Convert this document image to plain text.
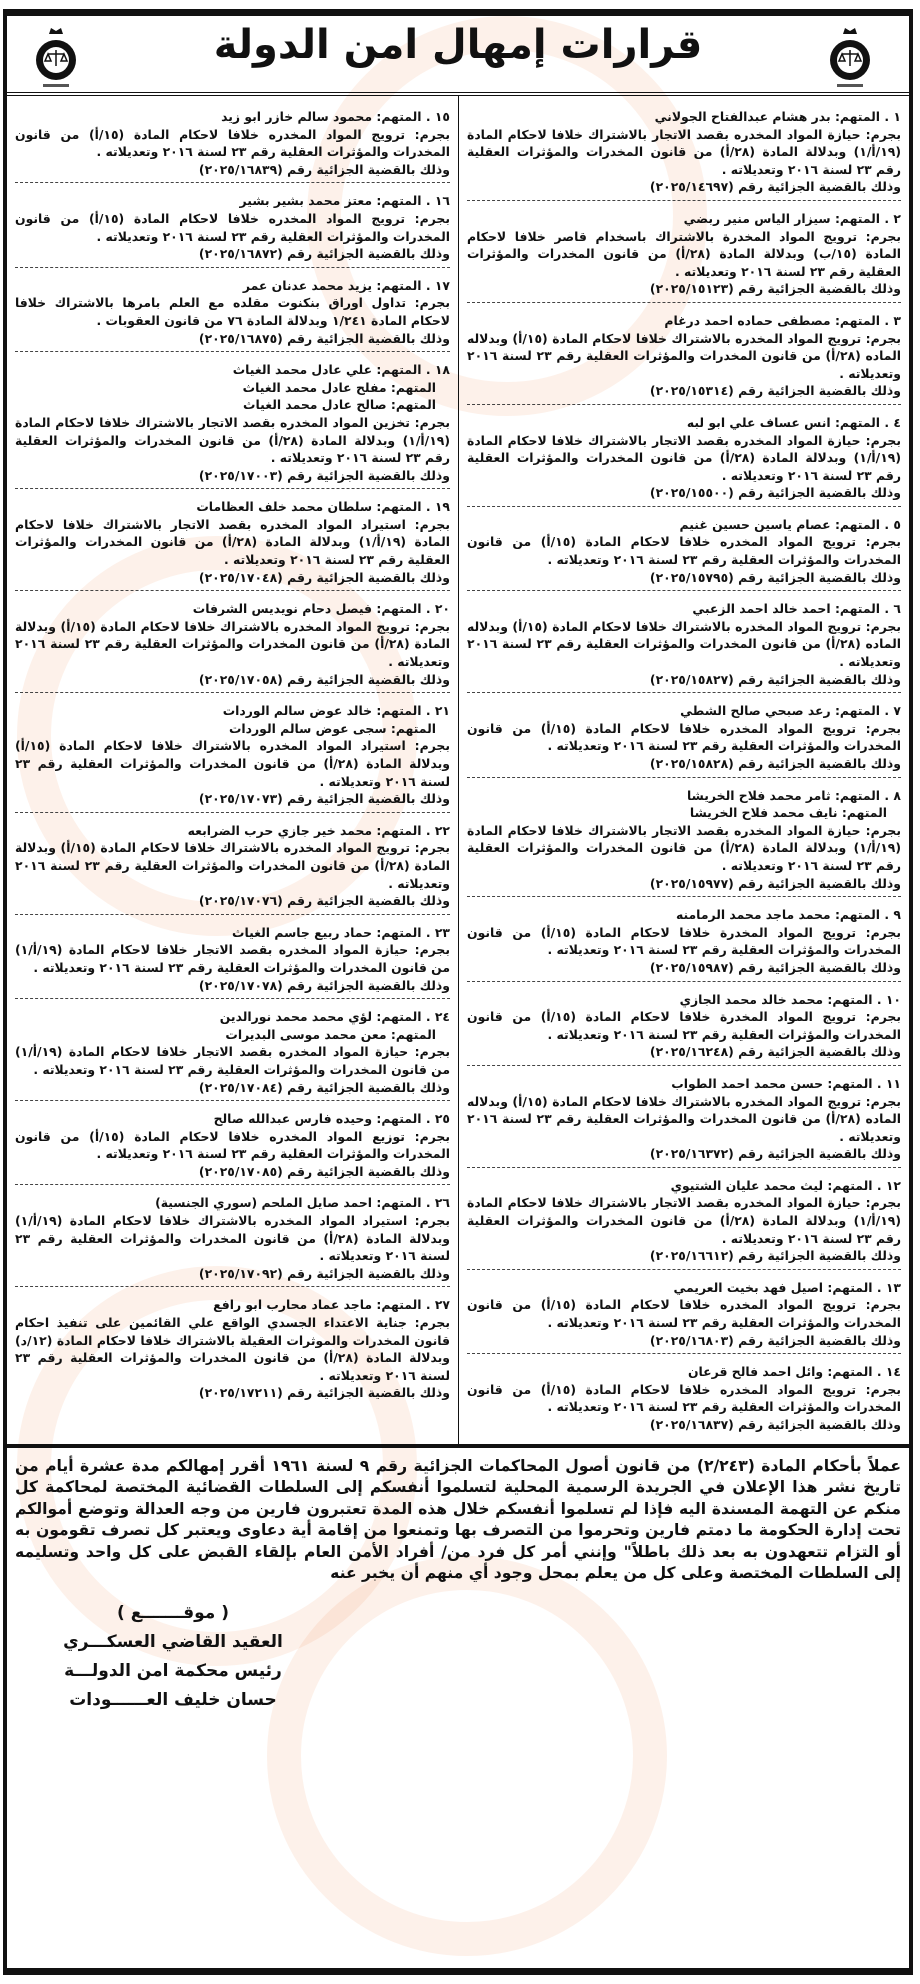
قرارات إمهال امن الدولة
١ . المتهم: بدر هشام عبدالفتاح الجولاني
بجرم: حيازة المواد المخدره بقصد الاتجار بالاشتراك خلافا لاحكام المادة (١٩/أ/١) وبدلالة المادة (٢٨/أ) من قانون المخدرات والمؤثرات العقلية رقم ٢٣ لسنة ٢٠١٦ وتعديلاته .
وذلك بالقضية الجزائية رقم (٢٠٢٥/١٤٦٩٧)
٢ . المتهم: سيزار الياس منير ربضي
بجرم: ترويج المواد المخدرة بالاشتراك باسخدام قاصر خلافا لاحكام المادة (١٥/ب) وبدلالة المادة (٢٨/أ) من قانون المخدرات والمؤثرات العقلية رقم ٢٣ لسنة ٢٠١٦ وتعديلاته .
وذلك بالقضية الجزائية رقم (٢٠٢٥/١٥١٢٣)
٣ . المتهم: مصطفى حماده احمد درغام
بجرم: ترويج المواد المخدره بالاشتراك خلافا لاحكام المادة (١٥/أ) وبدلاله الماده (٢٨/أ) من قانون المخدرات والمؤثرات العقلية رقم ٢٣ لسنة ٢٠١٦ وتعديلاته .
وذلك بالقضية الجزائية رقم (٢٠٢٥/١٥٣١٤)
٤ . المتهم: انس عساف علي ابو لبه
بجرم: حيازة المواد المخدره بقصد الاتجار بالاشتراك خلافا لاحكام المادة (١٩/أ/١) وبدلالة المادة (٢٨/أ) من قانون المخدرات والمؤثرات العقلية رقم ٢٣ لسنة ٢٠١٦ وتعديلاته .
وذلك بالقضية الجزائية رقم (٢٠٢٥/١٥٥٠٠)
٥ . المتهم: عصام ياسين حسين غنيم
بجرم: ترويج المواد المخدره خلافا لاحكام المادة (١٥/أ) من قانون المخدرات والمؤثرات العقلية رقم ٢٣ لسنة ٢٠١٦ وتعديلاته .
وذلك بالقضية الجزائية رقم (٢٠٢٥/١٥٧٩٥)
٦ . المتهم: احمد خالد احمد الزعبي
بجرم: ترويج المواد المخدره بالاشتراك خلافا لاحكام المادة (١٥/أ) وبدلاله الماده (٢٨/أ) من قانون المخدرات والمؤثرات العقلية رقم ٢٣ لسنة ٢٠١٦ وتعديلاته .
وذلك بالقضية الجزائية رقم (٢٠٢٥/١٥٨٢٧)
٧ . المتهم: رعد صبحي صالح الشطي
بجرم: ترويج المواد المخدره خلافا لاحكام المادة (١٥/أ) من قانون المخدرات والمؤثرات العقلية رقم ٢٣ لسنة ٢٠١٦ وتعديلاته .
وذلك بالقضية الجزائية رقم (٢٠٢٥/١٥٨٢٨)
٨ . المتهم: ثامر محمد فلاح الخريشا
المتهم: نايف محمد فلاح الخريشا
بجرم: حيازة المواد المخدره بقصد الاتجار بالاشتراك خلافا لاحكام المادة (١٩/أ/١) وبدلالة المادة (٢٨/أ) من قانون المخدرات والمؤثرات العقلية رقم ٢٣ لسنة ٢٠١٦ وتعديلاته .
وذلك بالقضية الجزائية رقم (٢٠٢٥/١٥٩٧٧)
٩ . المتهم: محمد ماجد محمد الرمامنه
بجرم: ترويج المواد المخدرة خلافا لاحكام المادة (١٥/أ) من قانون المخدرات والمؤثرات العقلية رقم ٢٣ لسنة ٢٠١٦ وتعديلاته .
وذلك بالقضية الجزائية رقم (٢٠٢٥/١٥٩٨٧)
١٠ . المتهم: محمد خالد محمد الجازي
بجرم: ترويج المواد المخدرة خلافا لاحكام المادة (١٥/أ) من قانون المخدرات والمؤثرات العقلية رقم ٢٣ لسنة ٢٠١٦ وتعديلاته .
وذلك بالقضية الجزائية رقم (٢٠٢٥/١٦٢٤٨)
١١ . المتهم: حسن محمد احمد الطواب
بجرم: ترويج المواد المخدره بالاشتراك خلافا لاحكام المادة (١٥/أ) وبدلاله الماده (٢٨/أ) من قانون المخدرات والمؤثرات العقلية رقم ٢٣ لسنة ٢٠١٦ وتعديلاته .
وذلك بالقضية الجزائية رقم (٢٠٢٥/١٦٣٧٢)
١٢ . المتهم: ليث محمد عليان الشتيوي
بجرم: حيازة المواد المخدره بقصد الاتجار بالاشتراك خلافا لاحكام المادة (١٩/أ/١) وبدلالة المادة (٢٨/أ) من قانون المخدرات والمؤثرات العقلية رقم ٢٣ لسنة ٢٠١٦ وتعديلاته .
وذلك بالقضية الجزائية رقم (٢٠٢٥/١٦٦١٢)
١٣ . المتهم: اصيل فهد بخيت العريمي
بجرم: ترويج المواد المخدره خلافا لاحكام المادة (١٥/أ) من قانون المخدرات والمؤثرات العقلية رقم ٢٣ لسنة ٢٠١٦ وتعديلاته .
وذلك بالقضية الجزائية رقم (٢٠٢٥/١٦٨٠٣)
١٤ . المتهم: وائل احمد فالح قرعان
بجرم: ترويج المواد المخدره خلافا لاحكام المادة (١٥/أ) من قانون المخدرات والمؤثرات العقلية رقم ٢٣ لسنة ٢٠١٦ وتعديلاته .
وذلك بالقضية الجزائية رقم (٢٠٢٥/١٦٨٣٧)
١٥ . المتهم: محمود سالم خازر ابو زيد
بجرم: ترويج المواد المخدره خلافا لاحكام المادة (١٥/أ) من قانون المخدرات والمؤثرات العقلية رقم ٢٣ لسنة ٢٠١٦ وتعديلاته .
وذلك بالقضية الجزائية رقم (٢٠٢٥/١٦٨٣٩)
١٦ . المتهم: معتز محمد بشير بشير
بجرم: ترويج المواد المخدره خلافا لاحكام المادة (١٥/أ) من قانون المخدرات والمؤثرات العقلية رقم ٢٣ لسنة ٢٠١٦ وتعديلاته .
وذلك بالقضية الجزائية رقم (٢٠٢٥/١٦٨٧٢)
١٧ . المتهم: يزيد محمد عدنان عمر
بجرم: تداول اوراق بنكنوت مقلده مع العلم بامرها بالاشتراك خلافا لاحكام المادة ١/٢٤١ وبدلالة المادة ٧٦ من قانون العقوبات .
وذلك بالقضية الجزائية رقم (٢٠٢٥/١٦٨٧٥)
١٨ . المتهم: علي عادل محمد الغياث
المتهم: مفلح عادل محمد الغياث
المتهم: صالح عادل محمد الغياث
بجرم: تخزين المواد المخدره بقصد الاتجار بالاشتراك خلافا لاحكام المادة (١٩/أ/١) وبدلالة المادة (٢٨/أ) من قانون المخدرات والمؤثرات العقلية رقم ٢٣ لسنة ٢٠١٦ وتعديلاته .
وذلك بالقضية الجزائية رقم (٢٠٢٥/١٧٠٠٣)
١٩ . المتهم: سلطان محمد خلف العظامات
بجرم: استيراد المواد المخدره بقصد الاتجار بالاشتراك خلافا لاحكام المادة (١٩/أ/١) وبدلالة المادة (٢٨/أ) من قانون المخدرات والمؤثرات العقلية رقم ٢٣ لسنة ٢٠١٦ وتعديلاته .
وذلك بالقضية الجزائية رقم (٢٠٢٥/١٧٠٤٨)
٢٠ . المتهم: فيصل دحام نويديس الشرفات
بجرم: ترويج المواد المخدره بالاشتراك خلافا لاحكام المادة (١٥/أ) وبدلالة المادة (٢٨/أ) من قانون المخدرات والمؤثرات العقلية رقم ٢٣ لسنة ٢٠١٦ وتعديلاته .
وذلك بالقضية الجزائية رقم (٢٠٢٥/١٧٠٥٨)
٢١ . المتهم: خالد عوض سالم الوردات
المتهم: سجى عوض سالم الوردات
بجرم: استيراد المواد المخدره بالاشتراك خلافا لاحكام المادة (١٥/أ) وبدلالة المادة (٢٨/أ) من قانون المخدرات والمؤثرات العقلية رقم ٢٣ لسنة ٢٠١٦ وتعديلاته .
وذلك بالقضية الجزائية رقم (٢٠٢٥/١٧٠٧٣)
٢٢ . المتهم: محمد خير جازي حرب الضرابعه
بجرم: ترويج المواد المخدره بالاشتراك خلافا لاحكام المادة (١٥/أ) وبدلالة المادة (٢٨/أ) من قانون المخدرات والمؤثرات العقلية رقم ٢٣ لسنة ٢٠١٦ وتعديلاته .
وذلك بالقضية الجزائية رقم (٢٠٢٥/١٧٠٧٦)
٢٣ . المتهم: حماد ربيع جاسم الغياث
بجرم: حيازة المواد المخدره بقصد الاتجار خلافا لاحكام المادة (١٩/أ/١) من قانون المخدرات والمؤثرات العقلية رقم ٢٣ لسنة ٢٠١٦ وتعديلاته .
وذلك بالقضية الجزائية رقم (٢٠٢٥/١٧٠٧٨)
٢٤ . المتهم: لؤي محمد محمد نورالدين
المتهم: معن محمد موسى البديرات
بجرم: حيازة المواد المخدره بقصد الاتجار خلافا لاحكام المادة (١٩/أ/١) من قانون المخدرات والمؤثرات العقلية رقم ٢٣ لسنة ٢٠١٦ وتعديلاته .
وذلك بالقضية الجزائية رقم (٢٠٢٥/١٧٠٨٤)
٢٥ . المتهم: وحيده فارس عبدالله صالح
بجرم: توزيع المواد المخدره خلافا لاحكام المادة (١٥/أ) من قانون المخدرات والمؤثرات العقلية رقم ٢٣ لسنة ٢٠١٦ وتعديلاته .
وذلك بالقضية الجزائية رقم (٢٠٢٥/١٧٠٨٥)
٢٦ . المتهم: احمد صايل الملحم (سوري الجنسية)
بجرم: استيراد المواد المخدره بالاشتراك خلافا لاحكام المادة (١٩/أ/١) وبدلالة المادة (٢٨/أ) من قانون المخدرات والمؤثرات العقلية رقم ٢٣ لسنة ٢٠١٦ وتعديلاته .
وذلك بالقضية الجزائية رقم (٢٠٢٥/١٧٠٩٢)
٢٧ . المتهم: ماجد عماد محارب ابو رافع
بجرم: جناية الاعتداء الجسدي الواقع علي القائمين على تنفيذ احكام قانون المخدرات والموثرات العقيلة بالاشتراك خلافا لاحكام المادة (١٢/د) وبدلالة المادة (٢٨/أ) من قانون المخدرات والمؤثرات العقلية رقم ٢٣ لسنة ٢٠١٦ وتعديلاته .
وذلك بالقضية الجزائية رقم (٢٠٢٥/١٧٢١١)
عملاً بأحكام المادة (٢/٢٤٣) من قانون أصول المحاكمات الجزائية رقم ٩ لسنة ١٩٦١ أقرر إمهالكم مدة عشرة أيام من تاريخ نشر هذا الإعلان في الجريدة الرسمية المحلية لتسلموا أنفسكم إلى السلطات القضائية المختصة لمحاكمة كل منكم عن التهمة المسندة اليه فإذا لم تسلموا أنفسكم خلال هذه المدة تعتبرون فارين من وجه العدالة وتوضع أموالكم تحت إدارة الحكومة ما دمتم فارين وتحرموا من التصرف بها وتمنعوا من إقامة أية دعاوى ويعتبر كل تصرف تقومون به أو التزام تتعهدون به بعد ذلك باطلاً" وإنني أمر كل فرد من/ أفراد الأمن العام بإلقاء القبض على كل واحد وتسليمه إلى السلطات المختصة وعلى كل من يعلم بمحل وجود أي منهم أن يخبر عنه
( موقـــــــع )
العقيد القاضي العسكـــري
رئيس محكمة امن الدولـــة
حسان خليف العــــــودات
